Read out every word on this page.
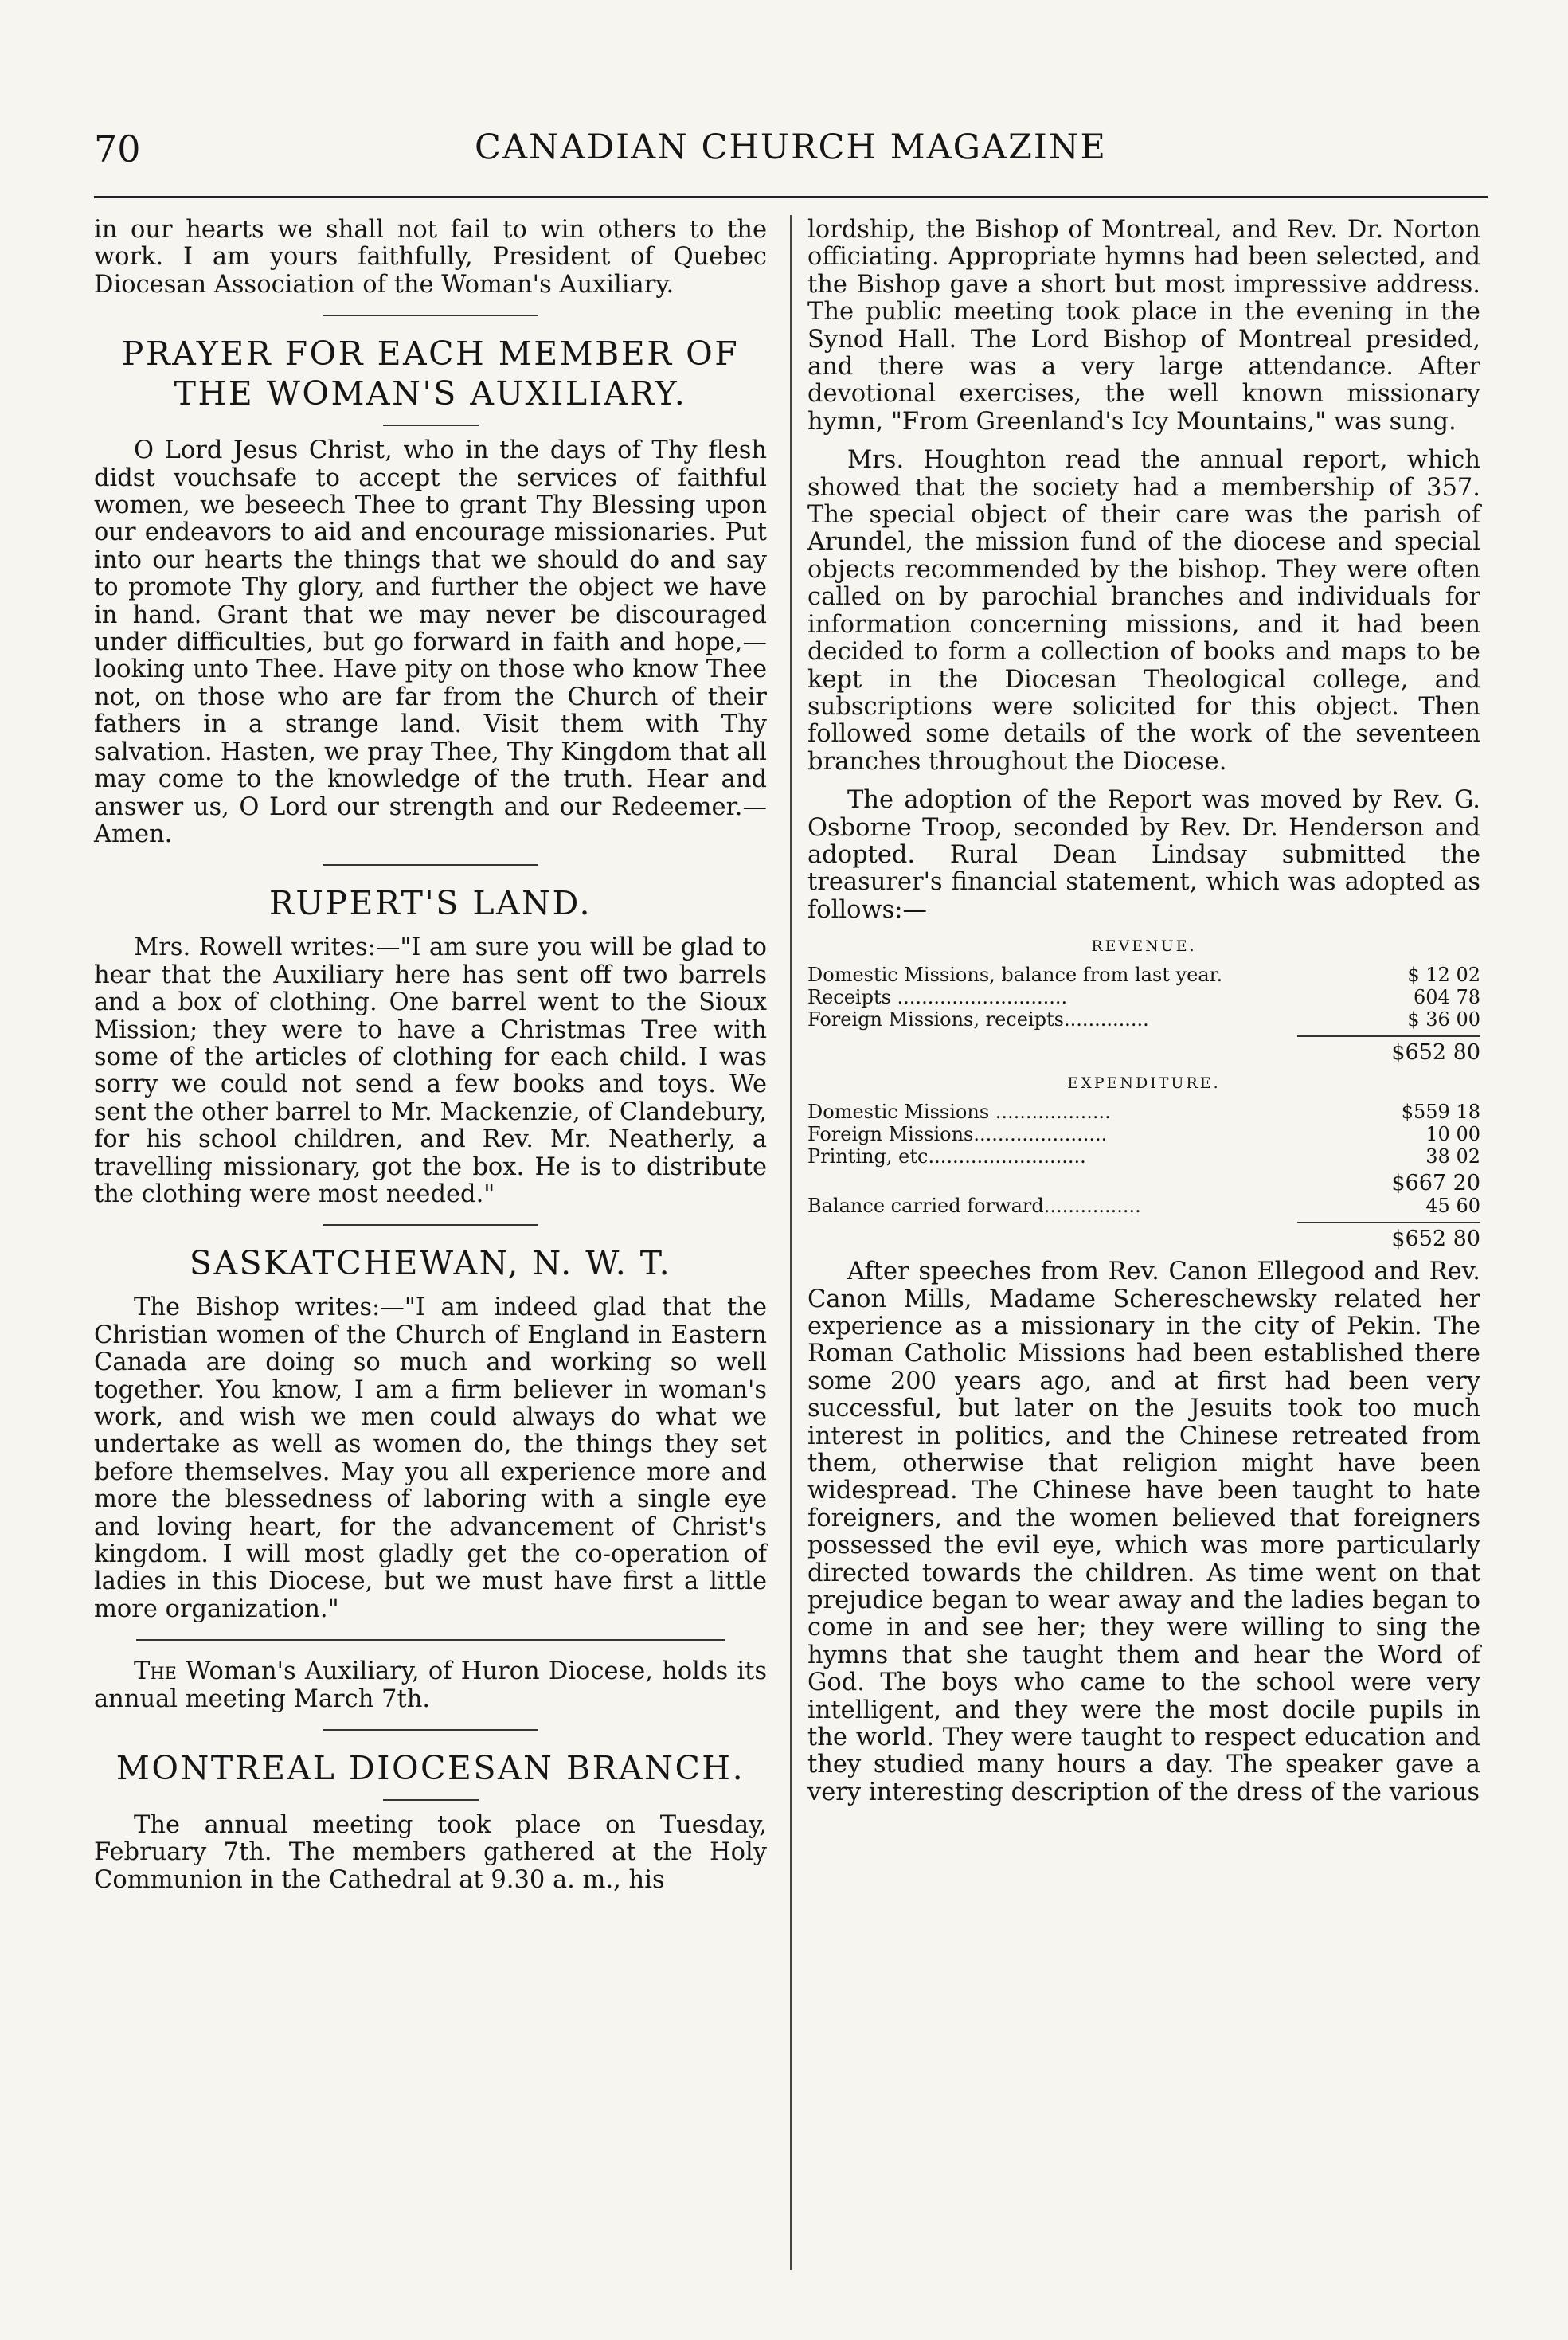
70	CANADIAN CHURCH MAGAZINE

in our hearts we shall not fail to win others to the work. I am yours faithfully, President of Quebec Diocesan Association of the Woman's Auxiliary.

PRAYER FOR EACH MEMBER OF THE WOMAN'S AUXILIARY.

O Lord Jesus Christ, who in the days of Thy flesh didst vouchsafe to accept the services of faithful women, we beseech Thee to grant Thy Blessing upon our endeavors to aid and encourage missionaries. Put into our hearts the things that we should do and say to promote Thy glory, and further the object we have in hand. Grant that we may never be discouraged under difficulties, but go forward in faith and hope,—looking unto Thee. Have pity on those who know Thee not, on those who are far from the Church of their fathers in a strange land. Visit them with Thy salvation. Hasten, we pray Thee, Thy Kingdom that all may come to the knowledge of the truth. Hear and answer us, O Lord our strength and our Redeemer.— Amen.

RUPERT'S LAND.

Mrs. Rowell writes:—"I am sure you will be glad to hear that the Auxiliary here has sent off two barrels and a box of clothing. One barrel went to the Sioux Mission; they were to have a Christmas Tree with some of the articles of clothing for each child. I was sorry we could not send a few books and toys. We sent the other barrel to Mr. Mackenzie, of Clandebury, for his school children, and Rev. Mr. Neatherly, a travelling missionary, got the box. He is to distribute the clothing were most needed."

SASKATCHEWAN, N. W. T.

The Bishop writes:—"I am indeed glad that the Christian women of the Church of England in Eastern Canada are doing so much and working so well together. You know, I am a firm believer in woman's work, and wish we men could always do what we undertake as well as women do, the things they set before themselves. May you all experience more and more the blessedness of laboring with a single eye and loving heart, for the advancement of Christ's kingdom. I will most gladly get the co-operation of ladies in this Diocese, but we must have first a little more organization."

The Woman's Auxiliary, of Huron Diocese, holds its annual meeting March 7th.

MONTREAL DIOCESAN BRANCH.

The annual meeting took place on Tuesday, February 7th. The members gathered at the Holy Communion in the Cathedral at 9.30 a. m., his

lordship, the Bishop of Montreal, and Rev. Dr. Norton officiating. Appropriate hymns had been selected, and the Bishop gave a short but most impressive address. The public meeting took place in the evening in the Synod Hall. The Lord Bishop of Montreal presided, and there was a very large attendance. After devotional exercises, the well known missionary hymn, "From Greenland's Icy Mountains," was sung.

Mrs. Houghton read the annual report, which showed that the society had a membership of 357. The special object of their care was the parish of Arundel, the mission fund of the diocese and special objects recommended by the bishop. They were often called on by parochial branches and individuals for information concerning missions, and it had been decided to form a collection of books and maps to be kept in the Diocesan Theological college, and subscriptions were solicited for this object. Then followed some details of the work of the seventeen branches throughout the Diocese.

The adoption of the Report was moved by Rev. G. Osborne Troop, seconded by Rev. Dr. Henderson and adopted. Rural Dean Lindsay submitted the treasurer's financial statement, which was adopted as follows:—

REVENUE.
Domestic Missions, balance from last year.	$ 12 02
Receipts ............................	604 78
Foreign Missions, receipts..............	$ 36 00
$652 80
EXPENDITURE.
Domestic Missions ...................	$559 18
Foreign Missions......................	10 00
Printing, etc..........................	38 02
$667 20
Balance carried forward................	45 60
$652 80

After speeches from Rev. Canon Ellegood and Rev. Canon Mills, Madame Schereschewsky related her experience as a missionary in the city of Pekin. The Roman Catholic Missions had been established there some 200 years ago, and at first had been very successful, but later on the Jesuits took too much interest in politics, and the Chinese retreated from them, otherwise that religion might have been widespread. The Chinese have been taught to hate foreigners, and the women believed that foreigners possessed the evil eye, which was more particularly directed towards the children. As time went on that prejudice began to wear away and the ladies began to come in and see her; they were willing to sing the hymns that she taught them and hear the Word of God. The boys who came to the school were very intelligent, and they were the most docile pupils in the world. They were taught to respect education and they studied many hours a day. The speaker gave a very interesting description of the dress of the various
